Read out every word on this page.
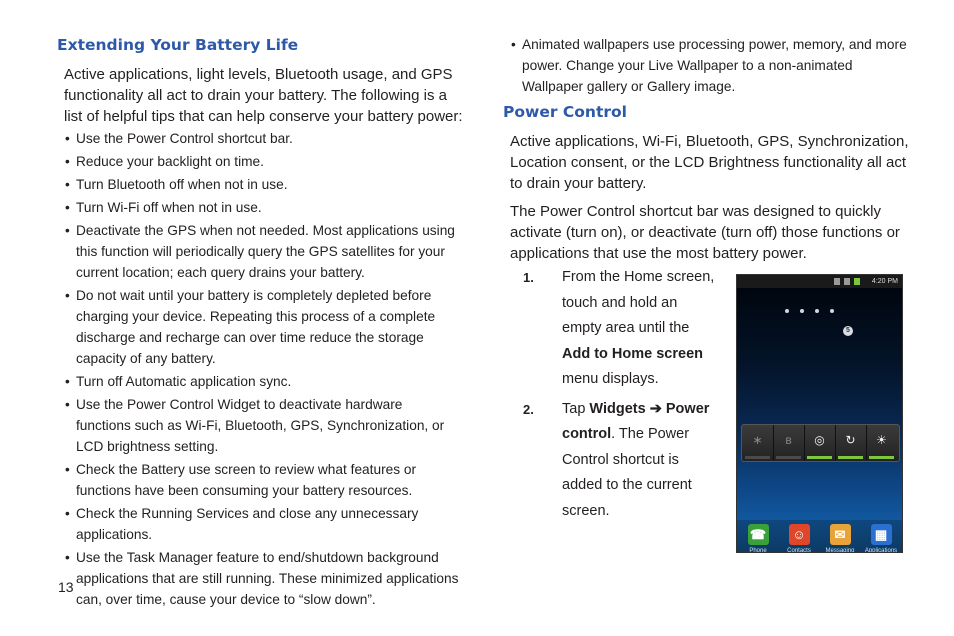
Extending Your Battery Life

Active applications, light levels, Bluetooth usage, and GPS functionality all act to drain your battery. The following is a list of helpful tips that can help conserve your battery power:

• Use the Power Control shortcut bar.
• Reduce your backlight on time.
• Turn Bluetooth off when not in use.
• Turn Wi-Fi off when not in use.
• Deactivate the GPS when not needed. Most applications using this function will periodically query the GPS satellites for your current location; each query drains your battery.
• Do not wait until your battery is completely depleted before charging your device. Repeating this process of a complete discharge and recharge can over time reduce the storage capacity of any battery.
• Turn off Automatic application sync.
• Use the Power Control Widget to deactivate hardware functions such as Wi-Fi, Bluetooth, GPS, Synchronization, or LCD brightness setting.
• Check the Battery use screen to review what features or functions have been consuming your battery resources.
• Check the Running Services and close any unnecessary applications.
• Use the Task Manager feature to end/shutdown background applications that are still running. These minimized applications can, over time, cause your device to “slow down”.

13

• Animated wallpapers use processing power, memory, and more power. Change your Live Wallpaper to a non-animated Wallpaper gallery or Gallery image.
Power Control

Active applications, Wi-Fi, Bluetooth, GPS, Synchronization, Location consent, or the LCD Brightness functionality all act to drain your battery.

The Power Control shortcut bar was designed to quickly activate (turn on), or deactivate (turn off) those functions or applications that use the most battery power.

1. From the Home screen, touch and hold an empty area until the Add to Home screen menu displays.
2. Tap Widgets ➔ Power control. The Power Control shortcut is added to the current screen.
4:20 PM
5
∗	ʙ	◎	↻	☀
☎
Phone
☺
Contacts
✉
Messaging
▦
Applications
